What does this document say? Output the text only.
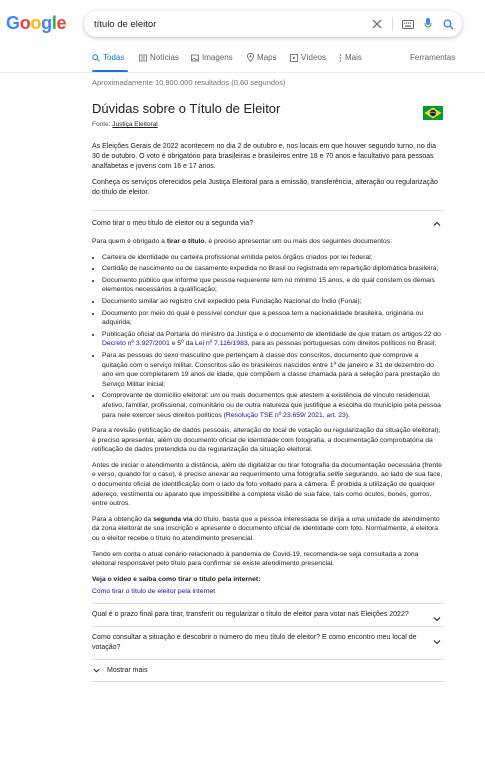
Google
título de eleitor
Todas	Notícias	Imagens	Maps	Vídeos Mais	Ferramentas
Aproximadamente 10.900.000 resultados (0,60 segundos)
Dúvidas sobre o Título de Eleitor
Fonte: Justiça Eleitoral

As Eleições Gerais de 2022 acontecem no dia 2 de outubro e, nos locais em que houver segundo turno, no dia 30 de outubro. O voto é obrigatório para brasileiras e brasileiros entre 18 e 70 anos e facultativo para pessoas analfabetas e jovens com 16 e 17 anos.

Conheça os serviços oferecidos pela Justiça Eleitoral para a emissão, transferência, alteração ou regularização do título de eleitor.

Como tirar o meu título de eleitor ou a segunda via?

Para quem é obrigado a tirar o título, é preciso apresentar um ou mais dos seguintes documentos:

• Carteira de identidade ou carteira profissional emitida pelos órgãos criados por lei federal;
• Certidão de nascimento ou de casamento expedida no Brasil ou registrada em repartição diplomática brasileira;
• Documento público que informe que pessoa requerente tem no mínimo 15 anos, e do qual constem os demais elementos necessários à qualificação;
• Documento similar ao registro civil expedido pela Fundação Nacional do Índio (Funai);
• Documento por meio do qual é possível concluir que a pessoa tem a nacionalidade brasileira, originária ou adquirida;
• Publicação oficial da Portaria do ministro da Justiça e o documento de identidade de que tratam os artigos 22 do Decreto nº 3.927/2001 e 5º da Lei nº 7.116/1983, para as pessoas portuguesas com direitos políticos no Brasil;
• Para as pessoas do sexo masculino que pertençam à classe dos conscritos, documento que comprove a quitação com o serviço militar. Conscritos são os brasileiros nascidos entre 1º de janeiro e 31 de dezembro do ano em que completarem 19 anos de idade, que compõem a classe chamada para a seleção para prestação do Serviço Militar inicial;
• Comprovante de domicílio eleitoral: um ou mais documentos que atestem a existência de vínculo residencial, afetivo, familiar, profissional, comunitário ou de outra natureza que justifique a escolha do município pela pessoa para nele exercer seus direitos políticos (Resolução TSE nº 23.659/ 2021, art. 23).

Para a revisão (retificação de dados pessoais, alteração do local de votação ou regularização da situação eleitoral), é preciso apresentar, além do documento oficial de identidade com fotografia, a documentação comprobatória da retificação de dados pretendida ou da regularização da situação eleitoral.

Antes de iniciar o atendimento a distância, além de digitalizar ou tirar fotografia da documentação necessária (frente e verso, quando for o caso), é preciso anexar ao requerimento uma fotografia selfie segurando, ao lado de sua face, o documento oficial de identificação com o lado da foto voltado para a câmera. É proibida a utilização de qualquer adereço, vestimenta ou aparato que impossibilite a completa visão de sua face, tais como óculos, bonés, gorros, entre outros.

Para a obtenção da segunda via do título, basta que a pessoa interessada se dirija a uma unidade de atendimento da zona eleitoral de sua inscrição e apresente o documento oficial de identidade com foto. Normalmente, a eleitora ou o eleitor recebe o título no atendimento presencial.

Tendo em conta o atual cenário relacionado à pandemia de Covid-19, recomenda-se seja consultada a zona eleitoral responsável pelo título para confirmar se existe atendimento presencial.

Veja o vídeo e saiba como tirar o título pela internet:

Como tirar o título de eleitor pela internet

Qual é o prazo final para tirar, transferir ou regularizar o título de eleitor para votar nas Eleições 2022?
Como consultar a situação e descobrir o número do meu título de eleitor? E como encontro meu local de votação?
Mostrar mais
